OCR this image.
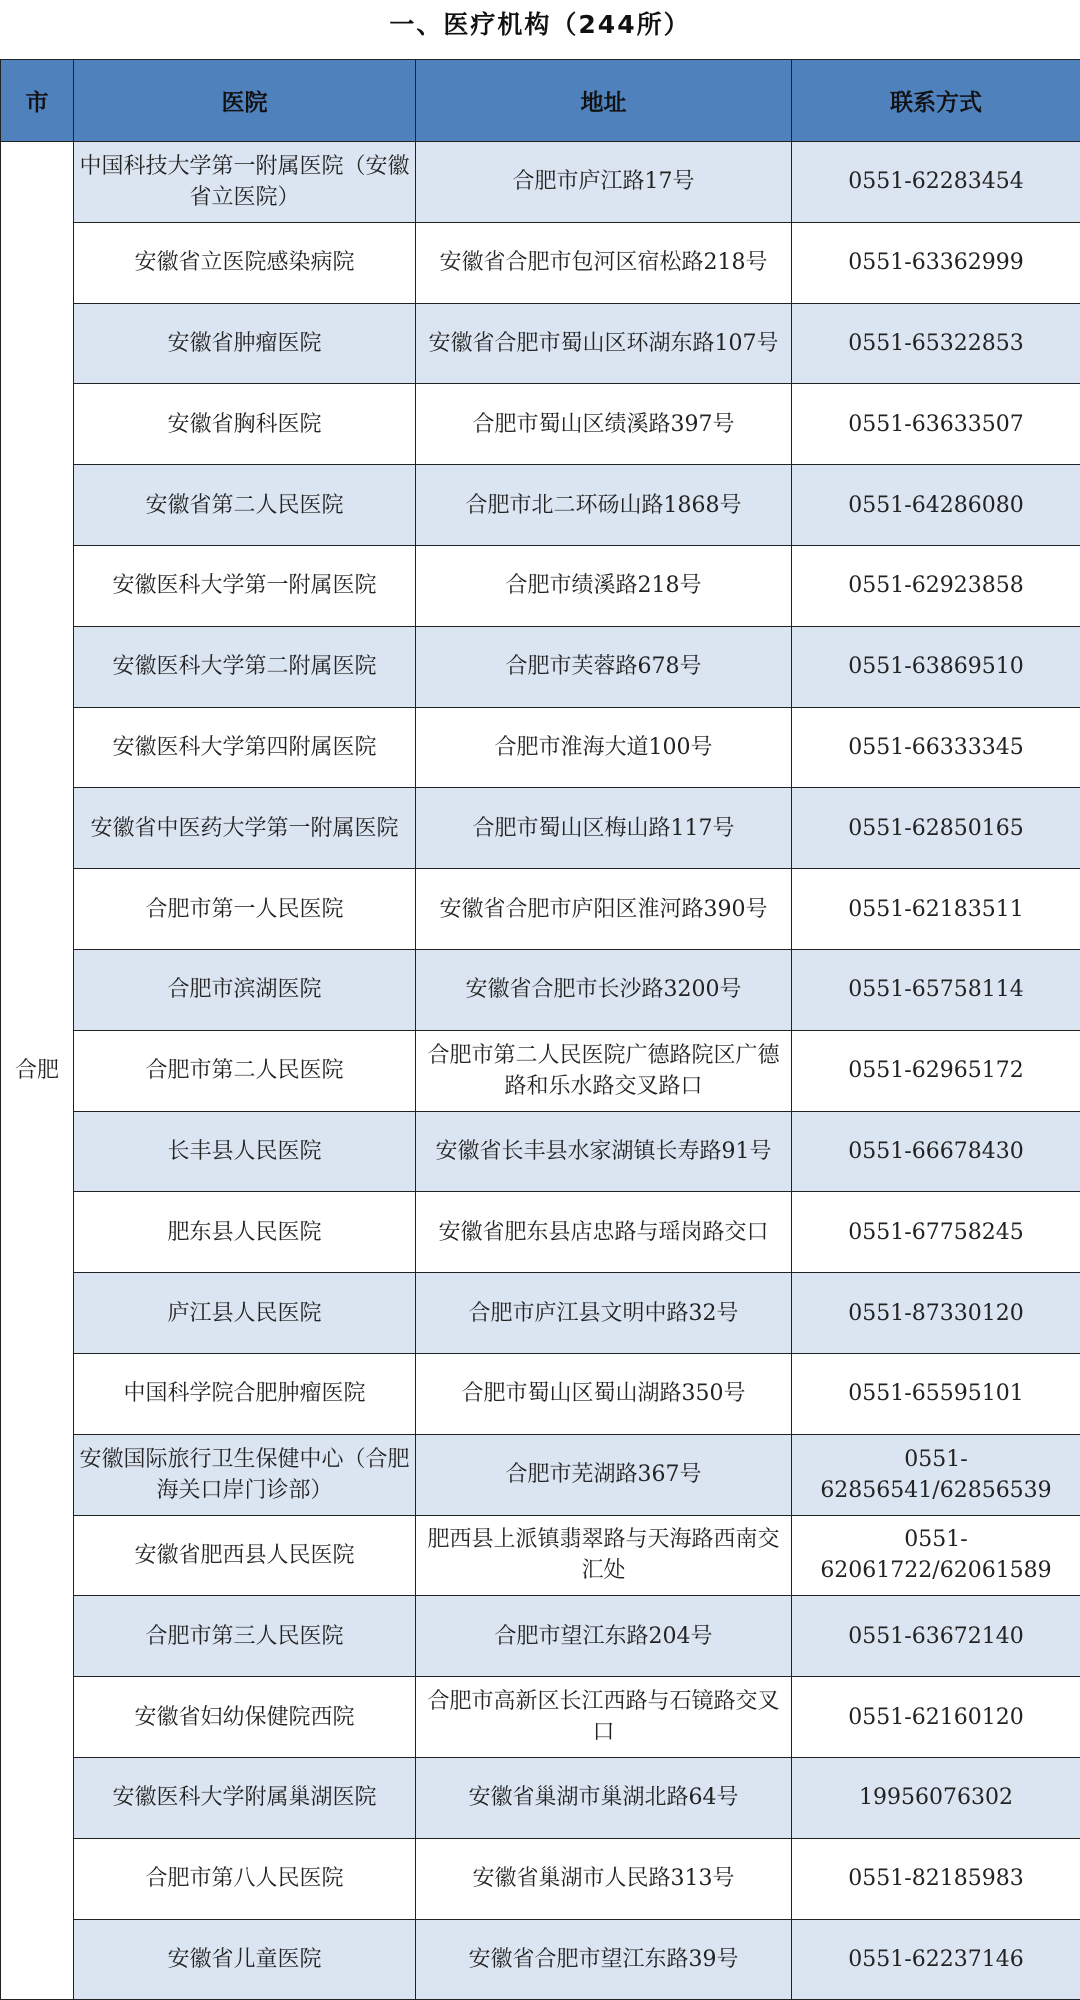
一、医疗机构（244所）
市	医院	地址	联系方式
合肥	中国科技大学第一附属医院（安徽省立医院）	合肥市庐江路17号	0551-62283454
	安徽省立医院感染病院	安徽省合肥市包河区宿松路218号	0551-63362999
	安徽省肿瘤医院	安徽省合肥市蜀山区环湖东路107号	0551-65322853
	安徽省胸科医院	合肥市蜀山区绩溪路397号	0551-63633507
	安徽省第二人民医院	合肥市北二环砀山路1868号	0551-64286080
	安徽医科大学第一附属医院	合肥市绩溪路218号	0551-62923858
	安徽医科大学第二附属医院	合肥市芙蓉路678号	0551-63869510
	安徽医科大学第四附属医院	合肥市淮海大道100号	0551-66333345
	安徽省中医药大学第一附属医院	合肥市蜀山区梅山路117号	0551-62850165
	合肥市第一人民医院	安徽省合肥市庐阳区淮河路390号	0551-62183511
	合肥市滨湖医院	安徽省合肥市长沙路3200号	0551-65758114
	合肥市第二人民医院	合肥市第二人民医院广德路院区广德路和乐水路交叉路口	0551-62965172
	长丰县人民医院	安徽省长丰县水家湖镇长寿路91号	0551-66678430
	肥东县人民医院	安徽省肥东县店忠路与瑶岗路交口	0551-67758245
	庐江县人民医院	合肥市庐江县文明中路32号	0551-87330120
	中国科学院合肥肿瘤医院	合肥市蜀山区蜀山湖路350号	0551-65595101
	安徽国际旅行卫生保健中心（合肥海关口岸门诊部）	合肥市芜湖路367号	0551-62856541/62856539
	安徽省肥西县人民医院	肥西县上派镇翡翠路与天海路西南交汇处	0551-62061722/62061589
	合肥市第三人民医院	合肥市望江东路204号	0551-63672140
	安徽省妇幼保健院西院	合肥市高新区长江西路与石镜路交叉口	0551-62160120
	安徽医科大学附属巢湖医院	安徽省巢湖市巢湖北路64号	19956076302
	合肥市第八人民医院	安徽省巢湖市人民路313号	0551-82185983
	安徽省儿童医院	安徽省合肥市望江东路39号	0551-62237146
